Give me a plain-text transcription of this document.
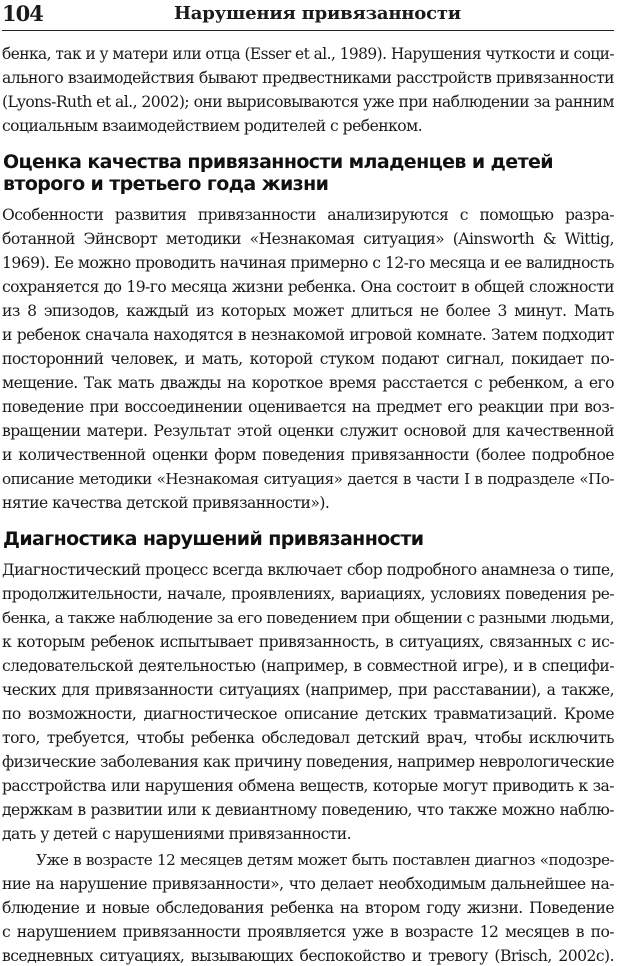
104	Нарушения привязанности
бенка, так и у матери или отца (Esser et al., 1989). Нарушения чуткости и соци-
ального взаимодействия бывают предвестниками расстройств привязанности
(Lyons-Ruth et al., 2002); они вырисовываются уже при наблюдении за ранним
социальным взаимодействием родителей с ребенком.
Оценка качества привязанности младенцев и детей
второго и третьего года жизни
Особенности развития привязанности анализируются с помощью разра-
ботанной Эйнсворт методики «Незнакомая ситуация» (Ainsworth & Wittig,
1969). Ее можно проводить начиная примерно с 12-го месяца и ее валидность
сохраняется до 19-го месяца жизни ребенка. Она состоит в общей сложности
из 8 эпизодов, каждый из которых может длиться не более 3 минут. Мать
и ребенок сначала находятся в незнакомой игровой комнате. Затем подходит
посторонний человек, и мать, которой стуком подают сигнал, покидает по-
мещение. Так мать дважды на короткое время расстается с ребенком, а его
поведение при воссоединении оценивается на предмет его реакции при воз-
вращении матери. Результат этой оценки служит основой для качественной
и количественной оценки форм поведения привязанности (более подробное
описание методики «Незнакомая ситуация» дается в части I в подразделе «По-
нятие качества детской привязанности»).
Диагностика нарушений привязанности
Диагностический процесс всегда включает сбор подробного анамнеза о типе,
продолжительности, начале, проявлениях, вариациях, условиях поведения ре-
бенка, а также наблюдение за его поведением при общении с разными людьми,
к которым ребенок испытывает привязанность, в ситуациях, связанных с ис-
следовательской деятельностью (например, в совместной игре), и в специфи-
ческих для привязанности ситуациях (например, при расставании), а также,
по возможности, диагностическое описание детских травматизаций. Кроме
того, требуется, чтобы ребенка обследовал детский врач, чтобы исключить
физические заболевания как причину поведения, например неврологические
расстройства или нарушения обмена веществ, которые могут приводить к за-
держкам в развитии или к девиантному поведению, что также можно наблю-
дать у детей с нарушениями привязанности.
Уже в возрасте 12 месяцев детям может быть поставлен диагноз «подозре-
ние на нарушение привязанности», что делает необходимым дальнейшее на-
блюдение и новые обследования ребенка на втором году жизни. Поведение
с нарушением привязанности проявляется уже в возрасте 12 месяцев в по-
вседневных ситуациях, вызывающих беспокойство и тревогу (Brisch, 2002c).
